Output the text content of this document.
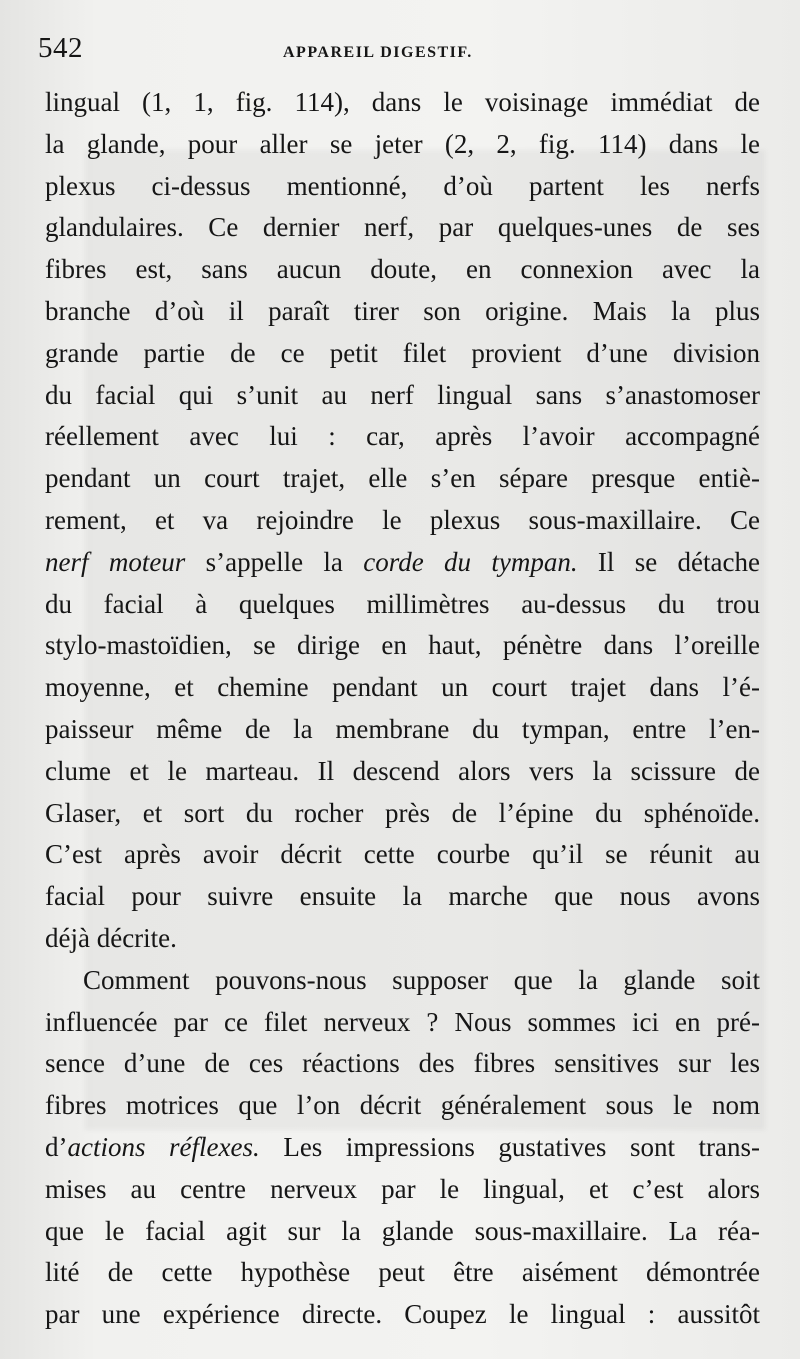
542	APPAREIL DIGESTIF.
lingual (1, 1, fig. 114), dans le voisinage immédiat de
la glande, pour aller se jeter (2, 2, fig. 114) dans le
plexus ci-dessus mentionné, d’où partent les nerfs
glandulaires. Ce dernier nerf, par quelques-unes de ses
fibres est, sans aucun doute, en connexion avec la
branche d’où il paraît tirer son origine. Mais la plus
grande partie de ce petit filet provient d’une division
du facial qui s’unit au nerf lingual sans s’anastomoser
réellement avec lui : car, après l’avoir accompagné
pendant un court trajet, elle s’en sépare presque entiè-
rement, et va rejoindre le plexus sous-maxillaire. Ce
nerf moteur s’appelle la corde du tympan. Il se détache
du facial à quelques millimètres au-dessus du trou
stylo-mastoïdien, se dirige en haut, pénètre dans l’oreille
moyenne, et chemine pendant un court trajet dans l’é-
paisseur même de la membrane du tympan, entre l’en-
clume et le marteau. Il descend alors vers la scissure de
Glaser, et sort du rocher près de l’épine du sphénoïde.
C’est après avoir décrit cette courbe qu’il se réunit au
facial pour suivre ensuite la marche que nous avons
déjà décrite.
Comment pouvons-nous supposer que la glande soit
influencée par ce filet nerveux ? Nous sommes ici en pré-
sence d’une de ces réactions des fibres sensitives sur les
fibres motrices que l’on décrit généralement sous le nom
d’actions réflexes. Les impressions gustatives sont trans-
mises au centre nerveux par le lingual, et c’est alors
que le facial agit sur la glande sous-maxillaire. La réa-
lité de cette hypothèse peut être aisément démontrée
par une expérience directe. Coupez le lingual : aussitôt
